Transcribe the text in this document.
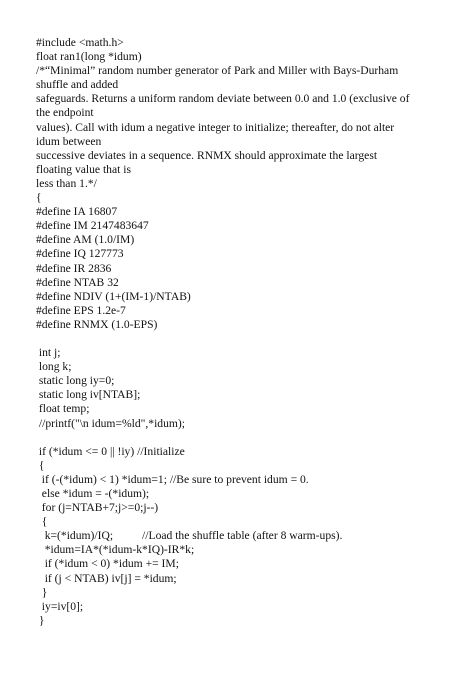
#include <math.h>
float ran1(long *idum)
/*“Minimal” random number generator of Park and Miller with Bays-Durham
shuffle and added
safeguards. Returns a uniform random deviate between 0.0 and 1.0 (exclusive of
the endpoint
values). Call with idum a negative integer to initialize; thereafter, do not alter
idum between
successive deviates in a sequence. RNMX should approximate the largest
floating value that is
less than 1.*/
{
#define IA 16807
#define IM 2147483647
#define AM (1.0/IM)
#define IQ 127773
#define IR 2836
#define NTAB 32
#define NDIV (1+(IM-1)/NTAB)
#define EPS 1.2e-7
#define RNMX (1.0-EPS)
int j;
long k;
static long iy=0;
static long iv[NTAB];
float temp;
//printf("\n idum=%ld",*idum);
if (*idum <= 0 || !iy) //Initialize
{
if (-(*idum) < 1) *idum=1; //Be sure to prevent idum = 0.
else *idum = -(*idum);
for (j=NTAB+7;j>=0;j--)
{
k=(*idum)/IQ;          //Load the shuffle table (after 8 warm-ups).
*idum=IA*(*idum-k*IQ)-IR*k;
if (*idum < 0) *idum += IM;
if (j < NTAB) iv[j] = *idum;
}
iy=iv[0];
}
